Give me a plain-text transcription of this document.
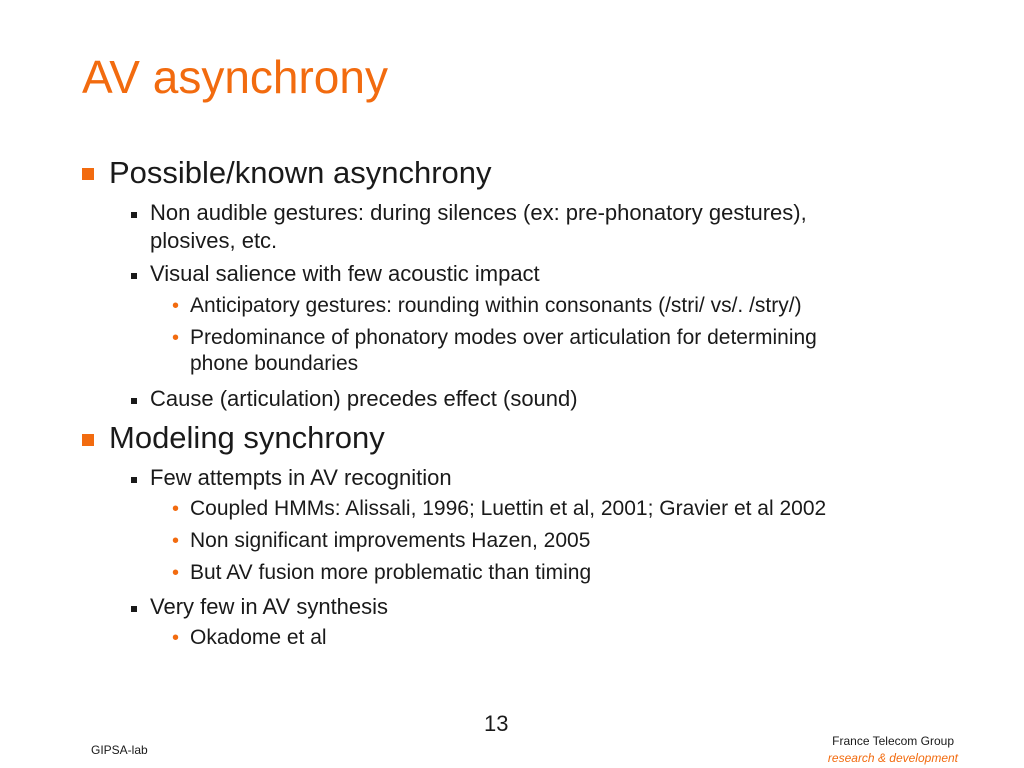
AV asynchrony
Possible/known asynchrony
Non audible gestures: during silences (ex: pre-phonatory gestures),
plosives, etc.
Visual salience with few acoustic impact
• Anticipatory gestures: rounding within consonants (/stri/ vs/. /stry/)
• Predominance of phonatory modes over articulation for determining
phone boundaries
Cause (articulation) precedes effect (sound)
Modeling synchrony
Few attempts in AV recognition
• Coupled HMMs: Alissali, 1996; Luettin et al, 2001; Gravier et al 2002
• Non significant improvements Hazen, 2005
• But AV fusion more problematic than timing
Very few in AV synthesis
• Okadome et al
13
GIPSA-lab
France Telecom Group
research & development
